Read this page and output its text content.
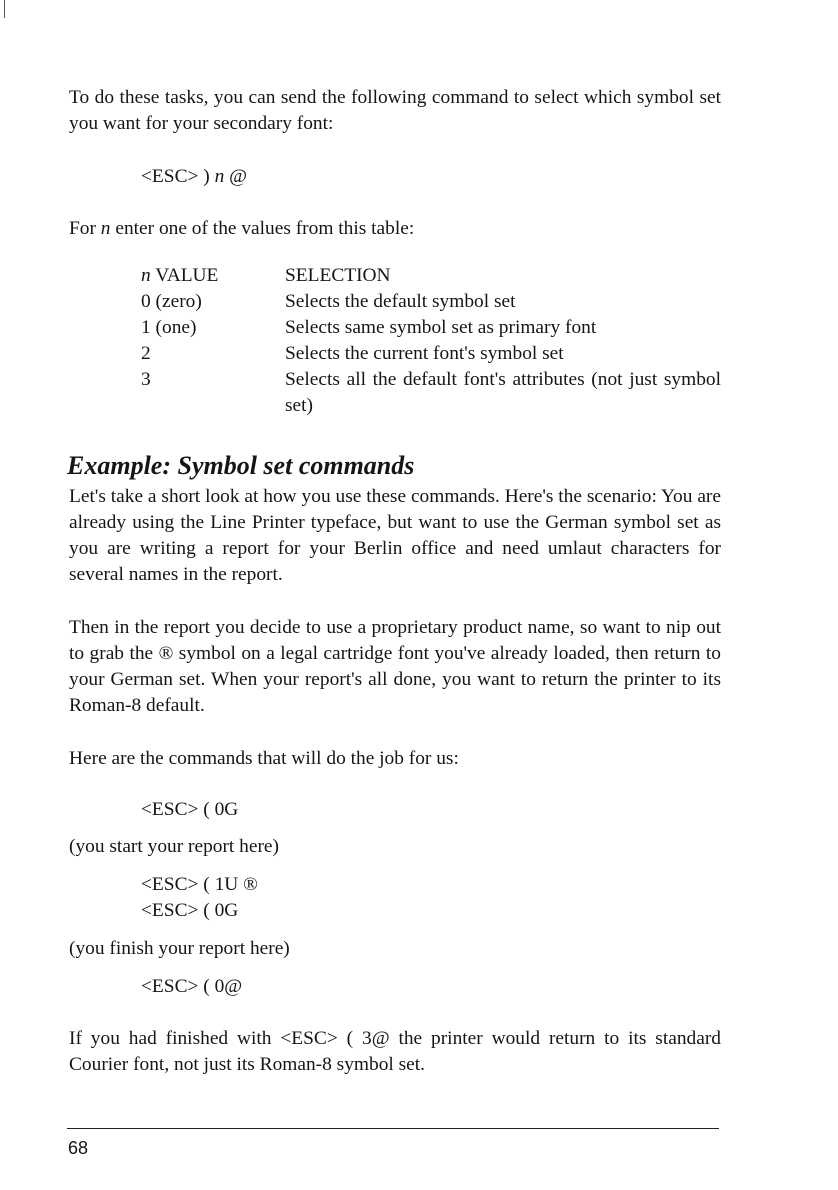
To do these tasks, you can send the following command to select which symbol set you want for your secondary font:

<ESC> ) n @
For n enter one of the values from this table:
n VALUE	SELECTION
0 (zero)	Selects the default symbol set
1 (one)	Selects same symbol set as primary font
2	Selects the current font's symbol set
3	Selects all the default font's attributes (not just symbol set)
Example: Symbol set commands

Let's take a short look at how you use these commands. Here's the scenario: You are already using the Line Printer typeface, but want to use the German symbol set as you are writing a report for your Berlin office and need umlaut characters for several names in the report.

Then in the report you decide to use a proprietary product name, so want to nip out to grab the ® symbol on a legal cartridge font you've already loaded, then return to your German set. When your report's all done, you want to return the printer to its Roman-8 default.

Here are the commands that will do the job for us:
<ESC> ( 0G
(you start your report here)
<ESC> ( 1U ®
<ESC> ( 0G
(you finish your report here)
<ESC> ( 0@

If you had finished with <ESC> ( 3@ the printer would return to its standard Courier font, not just its Roman-8 symbol set.

68
